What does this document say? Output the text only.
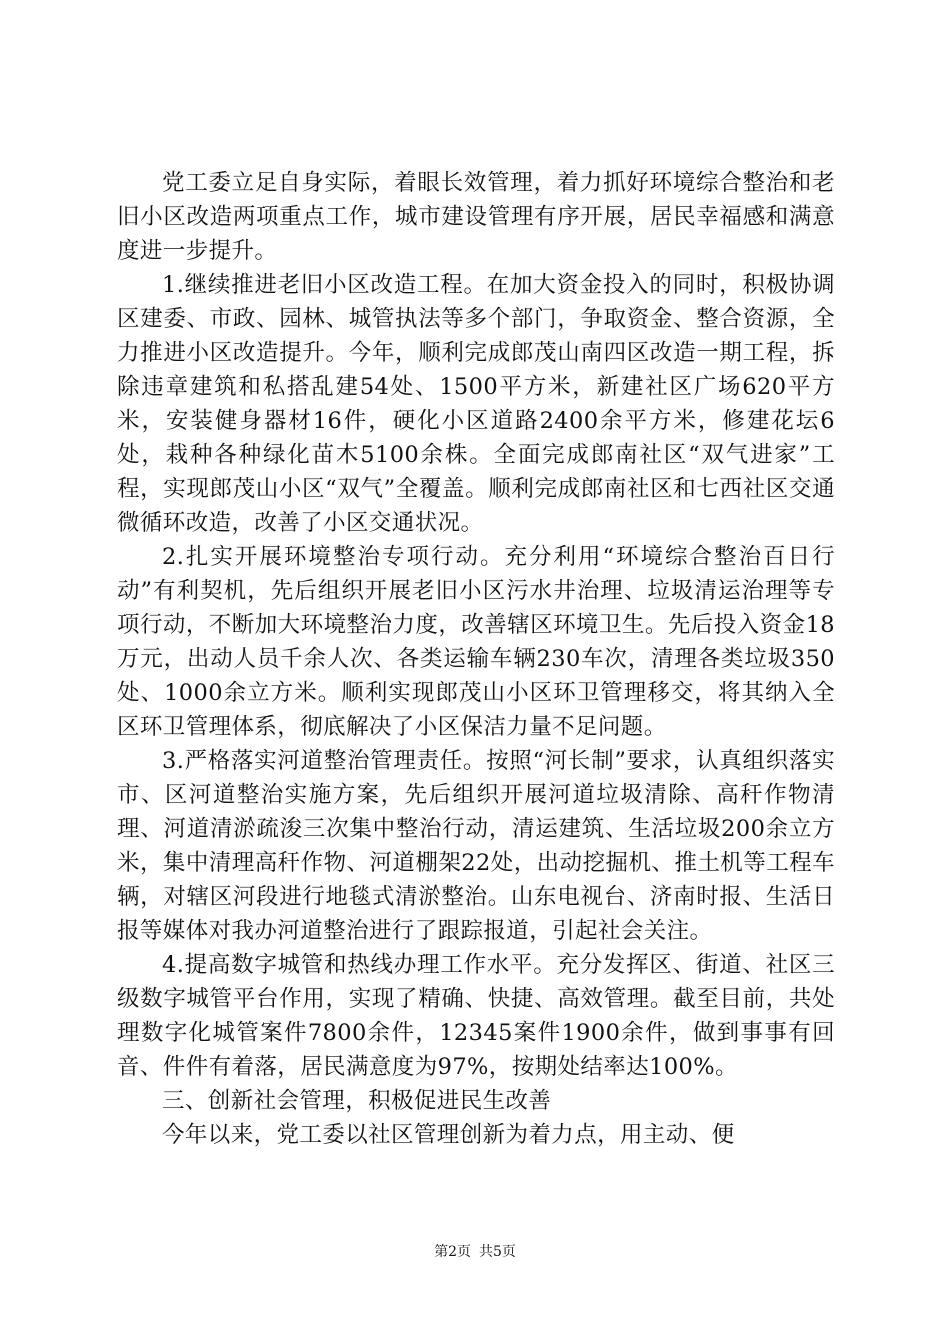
党工委立足自身实际，着眼长效管理，着力抓好环境综合整治和老旧小区改造两项重点工作，城市建设管理有序开展，居民幸福感和满意度进一步提升。

1.继续推进老旧小区改造工程。在加大资金投入的同时，积极协调区建委、市政、园林、城管执法等多个部门，争取资金、整合资源，全力推进小区改造提升。今年，顺利完成郎茂山南四区改造一期工程，拆除违章建筑和私搭乱建54处、1500平方米，新建社区广场620平方米，安装健身器材16件，硬化小区道路2400余平方米，修建花坛6处，栽种各种绿化苗木5100余株。全面完成郎南社区“双气进家”工程，实现郎茂山小区“双气”全覆盖。顺利完成郎南社区和七西社区交通微循环改造，改善了小区交通状况。

2.扎实开展环境整治专项行动。充分利用“环境综合整治百日行动”有利契机，先后组织开展老旧小区污水井治理、垃圾清运治理等专项行动，不断加大环境整治力度，改善辖区环境卫生。先后投入资金18万元，出动人员千余人次、各类运输车辆230车次，清理各类垃圾350处、1000余立方米。顺利实现郎茂山小区环卫管理移交，将其纳入全区环卫管理体系，彻底解决了小区保洁力量不足问题。

3.严格落实河道整治管理责任。按照“河长制”要求，认真组织落实市、区河道整治实施方案，先后组织开展河道垃圾清除、高秆作物清理、河道清淤疏浚三次集中整治行动，清运建筑、生活垃圾200余立方米，集中清理高秆作物、河道棚架22处，出动挖掘机、推土机等工程车辆，对辖区河段进行地毯式清淤整治。山东电视台、济南时报、生活日报等媒体对我办河道整治进行了跟踪报道，引起社会关注。

4.提高数字城管和热线办理工作水平。充分发挥区、街道、社区三级数字城管平台作用，实现了精确、快捷、高效管理。截至目前，共处理数字化城管案件7800余件，12345案件1900余件，做到事事有回音、件件有着落，居民满意度为97%，按期处结率达100%。

三、创新社会管理，积极促进民生改善

今年以来，党工委以社区管理创新为着力点，用主动、便

第2页 共5页
